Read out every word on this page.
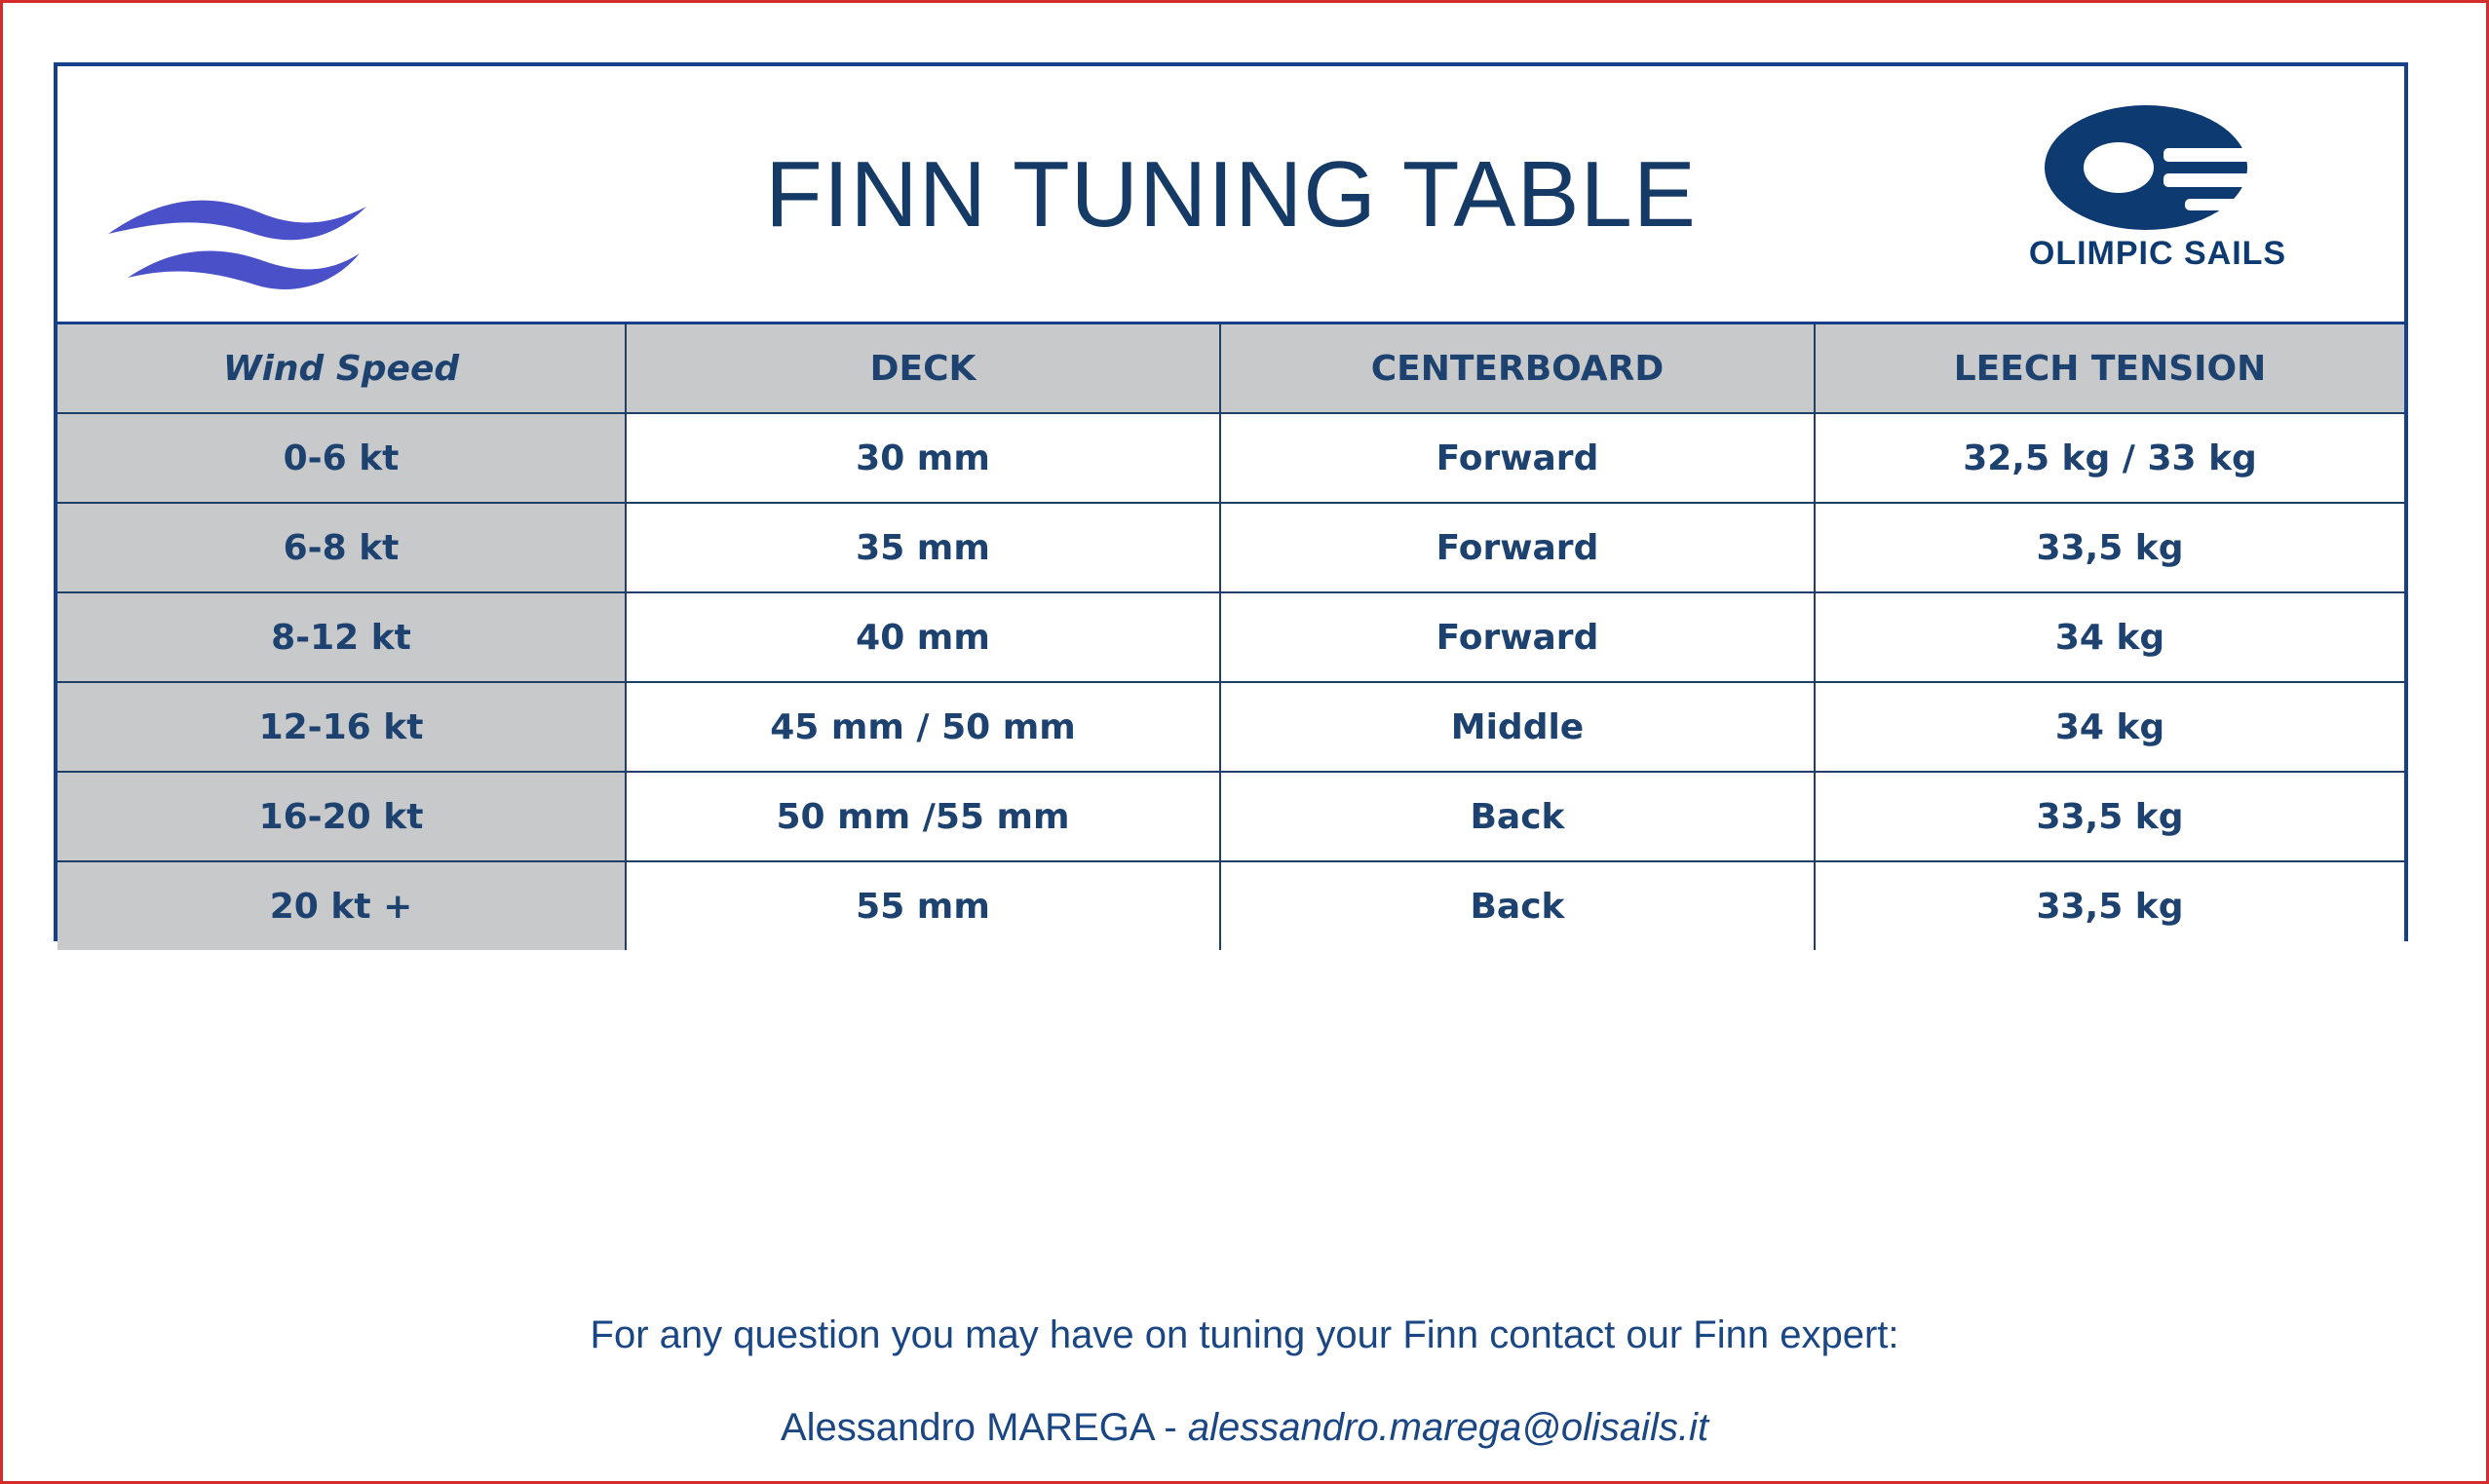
FINN TUNING TABLE
OLIMPIC SAILS
Wind Speed	DECK	CENTERBOARD	LEECH TENSION
0-6 kt	30 mm	Forward	32,5 kg / 33 kg
6-8 kt	35 mm	Forward	33,5 kg
8-12 kt	40 mm	Forward	34 kg
12-16 kt	45 mm / 50 mm	Middle	34 kg
16-20 kt	50 mm /55 mm	Back	33,5 kg
20 kt +	55 mm	Back	33,5 kg
For any question you may have on tuning your Finn contact our Finn expert:
Alessandro MAREGA - alessandro.marega@olisails.it
